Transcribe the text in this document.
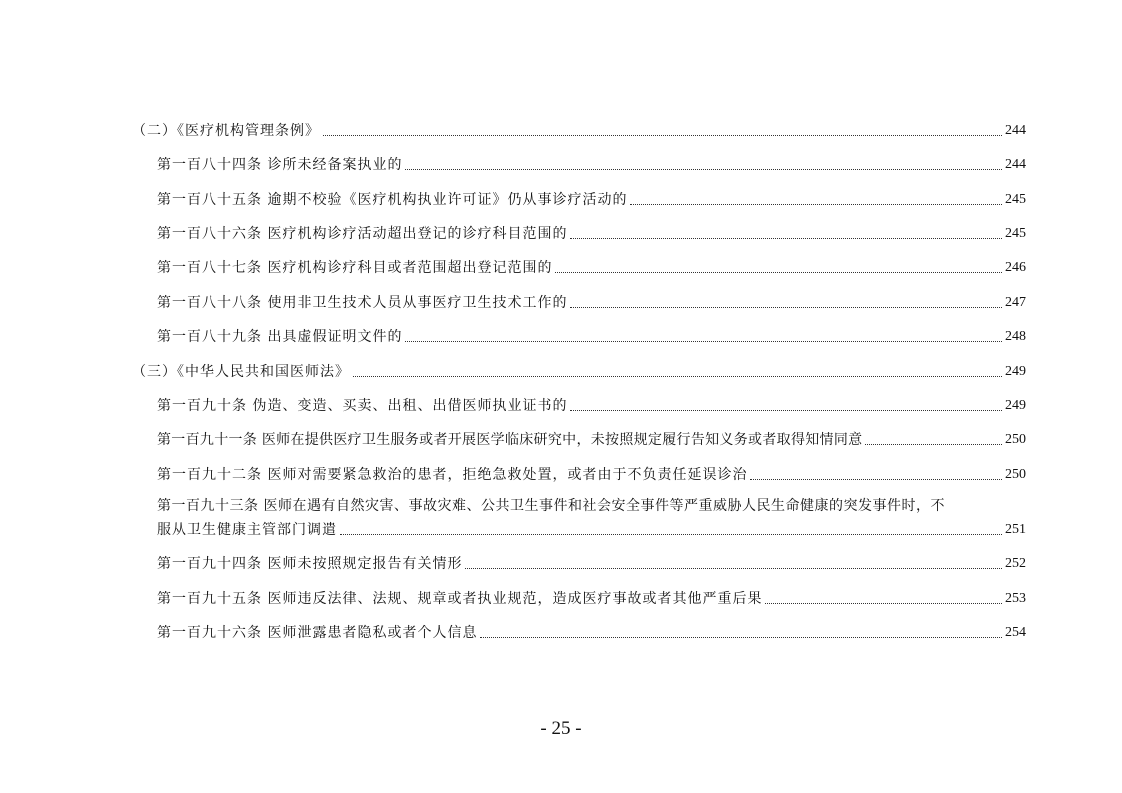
（二）《医疗机构管理条例》	244
第一百八十四条 诊所未经备案执业的	244
第一百八十五条 逾期不校验《医疗机构执业许可证》仍从事诊疗活动的	245
第一百八十六条 医疗机构诊疗活动超出登记的诊疗科目范围的	245
第一百八十七条 医疗机构诊疗科目或者范围超出登记范围的	246
第一百八十八条 使用非卫生技术人员从事医疗卫生技术工作的	247
第一百八十九条 出具虚假证明文件的	248
（三）《中华人民共和国医师法》	249
第一百九十条 伪造、变造、买卖、出租、出借医师执业证书的	249
第一百九十一条 医师在提供医疗卫生服务或者开展医学临床研究中，未按照规定履行告知义务或者取得知情同意	250
第一百九十二条 医师对需要紧急救治的患者，拒绝急救处置，或者由于不负责任延误诊治	250
第一百九十三条 医师在遇有自然灾害、事故灾难、公共卫生事件和社会安全事件等严重威胁人民生命健康的突发事件时，不
服从卫生健康主管部门调遣	251
第一百九十四条 医师未按照规定报告有关情形	252
第一百九十五条 医师违反法律、法规、规章或者执业规范，造成医疗事故或者其他严重后果	253
第一百九十六条 医师泄露患者隐私或者个人信息	254
- 25 -
